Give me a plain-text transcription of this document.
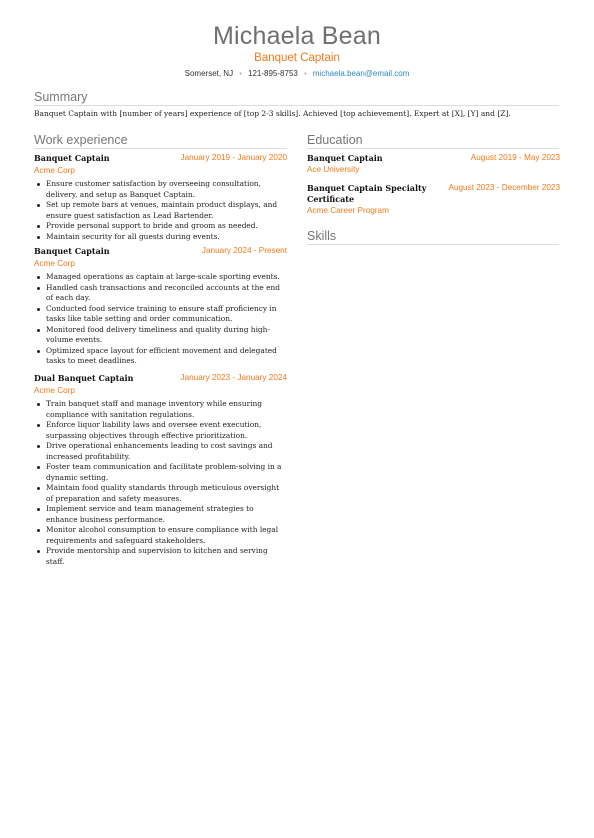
Michaela Bean
Banquet Captain
Somerset, NJ • 121-895-8753 • michaela.bean@email.com
Summary
Banquet Captain with [number of years] experience of [top 2-3 skills]. Achieved [top achievement]. Expert at [X], [Y] and [Z].
Work experience
Banquet Captain	January 2019 - January 2020
Acme Corp
Ensure customer satisfaction by overseeing consultation, delivery, and setup as Banquet Captain.
Set up remote bars at venues, maintain product displays, and ensure guest satisfaction as Lead Bartender.
Provide personal support to bride and groom as needed.
Maintain security for all guests during events.
Banquet Captain	January 2024 - Present
Acme Corp
Managed operations as captain at large-scale sporting events.
Handled cash transactions and reconciled accounts at the end of each day.
Conducted food service training to ensure staff proficiency in tasks like table setting and order communication.
Monitored food delivery timeliness and quality during high-volume events.
Optimized space layout for efficient movement and delegated tasks to meet deadlines.
Dual Banquet Captain	January 2023 - January 2024
Acme Corp
Train banquet staff and manage inventory while ensuring compliance with sanitation regulations.
Enforce liquor liability laws and oversee event execution, surpassing objectives through effective prioritization.
Drive operational enhancements leading to cost savings and increased profitability.
Foster team communication and facilitate problem-solving in a dynamic setting.
Maintain food quality standards through meticulous oversight of preparation and safety measures.
Implement service and team management strategies to enhance business performance.
Monitor alcohol consumption to ensure compliance with legal requirements and safeguard stakeholders.
Provide mentorship and supervision to kitchen and serving staff.
Education
Banquet Captain	August 2019 - May 2023
Ace University
Banquet Captain Specialty Certificate
August 2023 - December 2023
Acme Career Program
Skills
